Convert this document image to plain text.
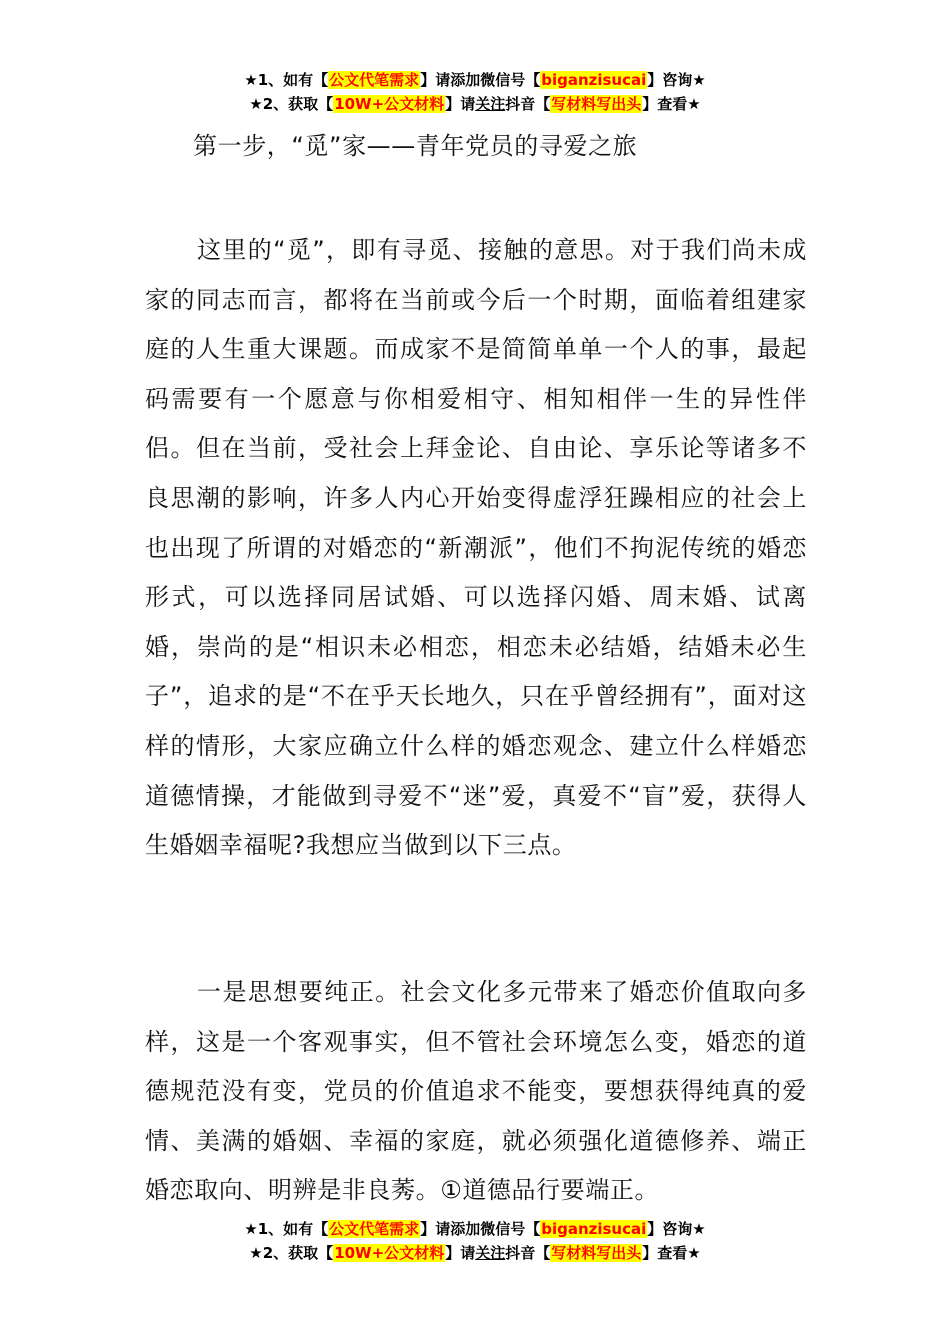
★1、如有【公文代笔需求】请添加微信号【biganzisucai】咨询★
★2、获取【10W+公文材料】请关注抖音【写材料写出头】查看★
第一步，“觅”家——青年党员的寻爱之旅

这里的“觅”，即有寻觅、接触的意思。对于我们尚未成家的同志而言，都将在当前或今后一个时期，面临着组建家庭的人生重大课题。而成家不是简简单单一个人的事，最起码需要有一个愿意与你相爱相守、相知相伴一生的异性伴侣。但在当前，受社会上拜金论、自由论、享乐论等诸多不良思潮的影响，许多人内心开始变得虚浮狂躁相应的社会上也出现了所谓的对婚恋的“新潮派”，他们不拘泥传统的婚恋形式，可以选择同居试婚、可以选择闪婚、周末婚、试离婚，崇尚的是“相识未必相恋，相恋未必结婚，结婚未必生子”，追求的是“不在乎天长地久，只在乎曾经拥有”，面对这样的情形，大家应确立什么样的婚恋观念、建立什么样婚恋道德情操，才能做到寻爱不“迷”爱，真爱不“盲”爱，获得人生婚姻幸福呢?我想应当做到以下三点。

一是思想要纯正。社会文化多元带来了婚恋价值取向多样，这是一个客观事实，但不管社会环境怎么变，婚恋的道德规范没有变，党员的价值追求不能变，要想获得纯真的爱情、美满的婚姻、幸福的家庭，就必须强化道德修养、端正婚恋取向、明辨是非良莠。①道德品行要端正。

★1、如有【公文代笔需求】请添加微信号【biganzisucai】咨询★
★2、获取【10W+公文材料】请关注抖音【写材料写出头】查看★
